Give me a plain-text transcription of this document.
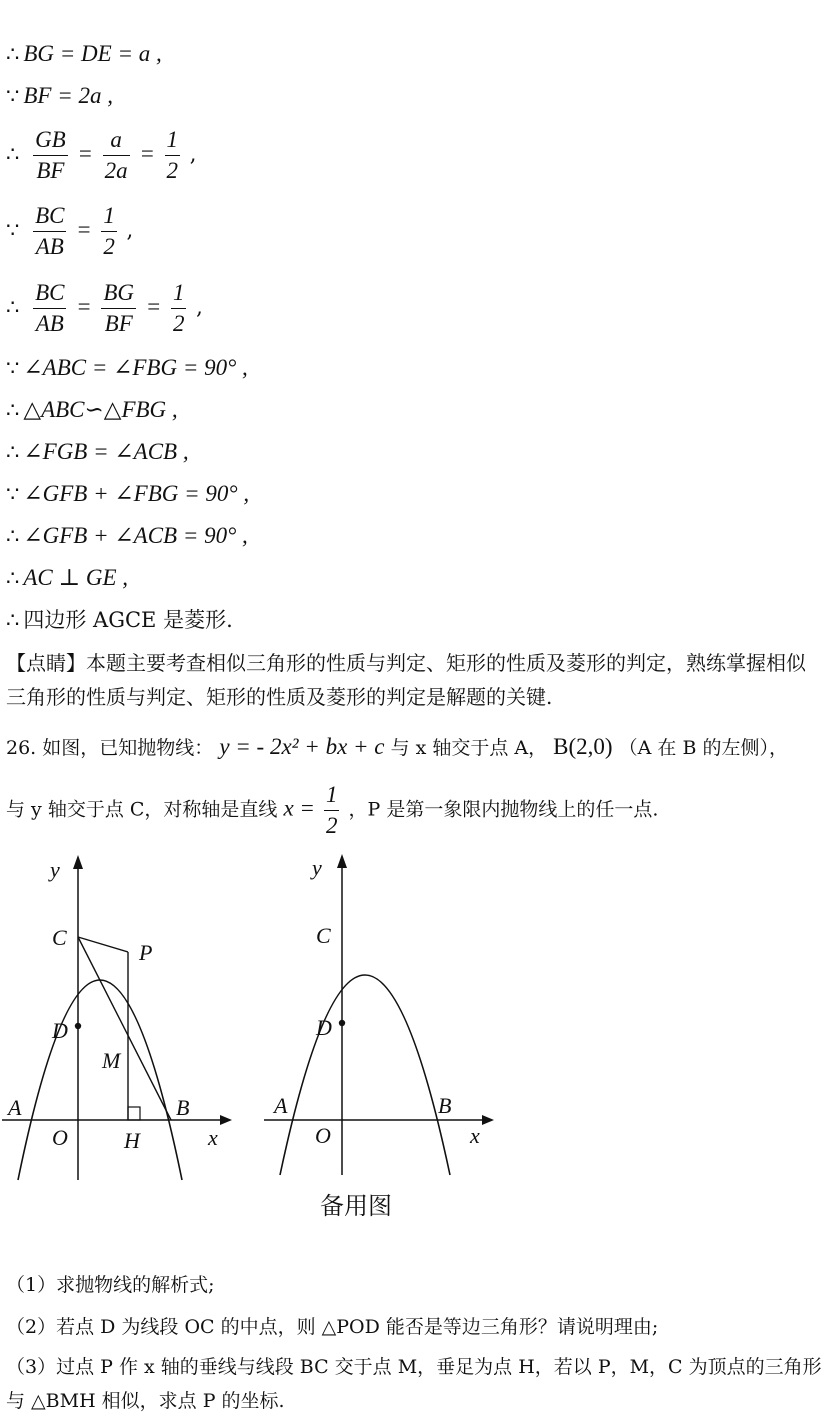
∴ BG = DE = a ,
∵ BF = 2a ,
∴ $\frac{GB}{BF} = \frac{a}{2a} = \frac{1}{2}$ ,
∵ $\frac{BC}{AB} = \frac{1}{2}$ ,
∴ $\frac{BC}{AB} = \frac{BG}{BF} = \frac{1}{2}$ ,
∵ ∠ABC = ∠FBG = 90° ,
∴ △ABC∽△FBG ,
∴ ∠FGB = ∠ACB ,
∵ ∠GFB + ∠FBG = 90° ,
∴ ∠GFB + ∠ACB = 90° ,
∴ AC ⊥ GE ,
∴ 四边形 AGCE 是菱形.
【点睛】本题主要考查相似三角形的性质与判定、矩形的性质及菱形的判定，熟练掌握相似三角形的性质与判定、矩形的性质及菱形的判定是解题的关键.
26. 如图，已知抛物线： y = - 2x² + bx + c 与 x 轴交于点 A， B(2,0) （A 在 B 的左侧），
与 y 轴交于点 C，对称轴是直线 $x = \frac{1}{2}$ ，P 是第一象限内抛物线上的任一点.
y
C
P
D
M
A	B
O	H	x
y
C
D
A	B
O	x
备用图
（1）求抛物线的解析式;
（2）若点 D 为线段 OC 的中点，则 △POD 能否是等边三角形？请说明理由;
（3）过点 P 作 x 轴的垂线与线段 BC 交于点 M，垂足为点 H，若以 P，M，C 为顶点的三角形与 △BMH 相似，求点 P 的坐标.
